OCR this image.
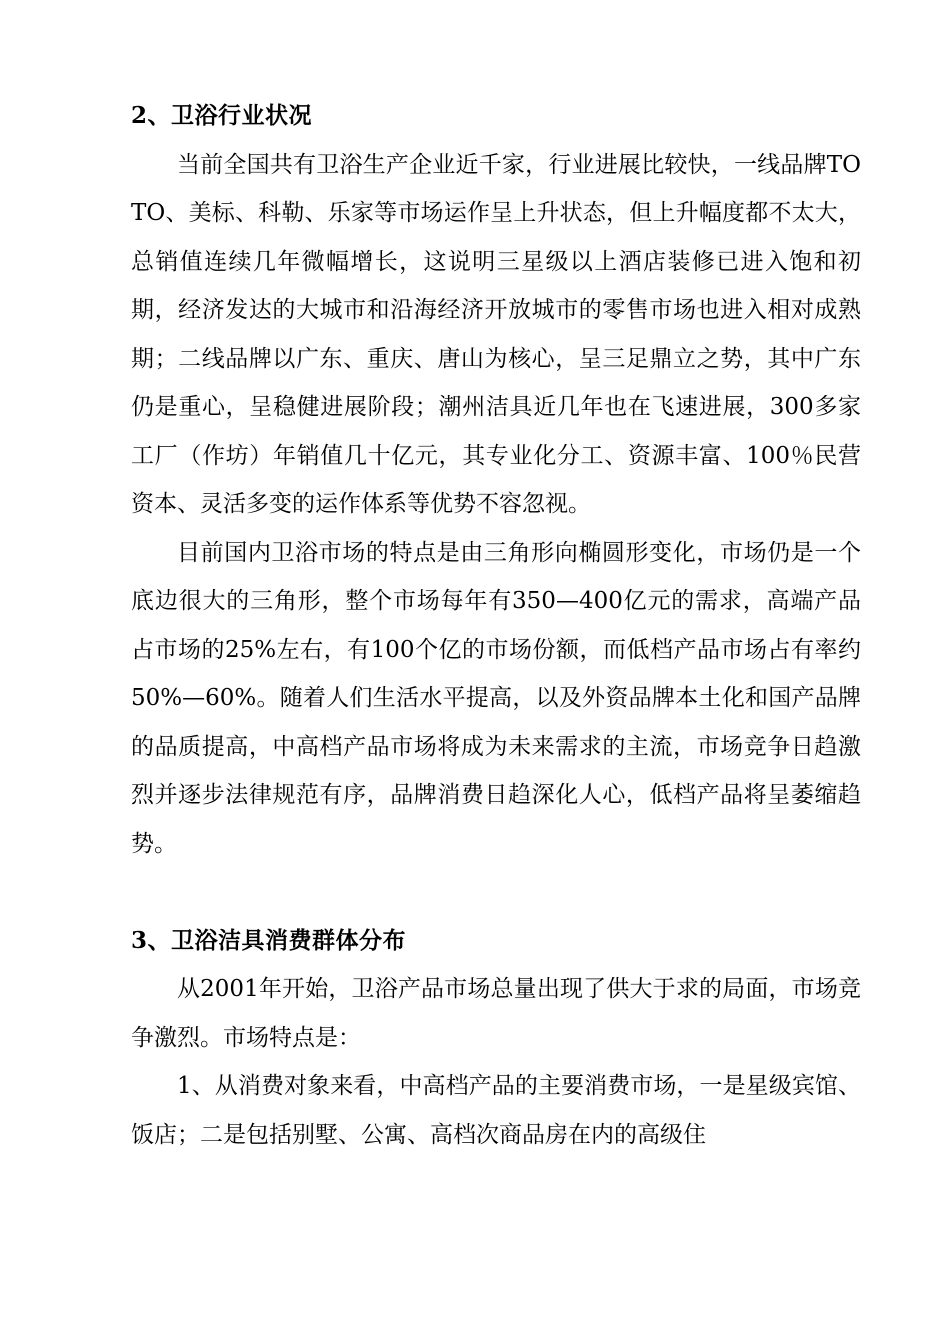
2、卫浴行业状况

当前全国共有卫浴生产企业近千家，行业进展比较快，一线品牌TOTO、美标、科勒、乐家等市场运作呈上升状态，但上升幅度都不太大，总销值连续几年微幅增长，这说明三星级以上酒店装修已进入饱和初期，经济发达的大城市和沿海经济开放城市的零售市场也进入相对成熟期；二线品牌以广东、重庆、唐山为核心，呈三足鼎立之势，其中广东仍是重心，呈稳健进展阶段；潮州洁具近几年也在飞速进展，300多家工厂（作坊）年销值几十亿元，其专业化分工、资源丰富、100％民营资本、灵活多变的运作体系等优势不容忽视。

目前国内卫浴市场的特点是由三角形向椭圆形变化，市场仍是一个底边很大的三角形，整个市场每年有350—400亿元的需求，高端产品占市场的25%左右，有100个亿的市场份额，而低档产品市场占有率约50%—60%。随着人们生活水平提高，以及外资品牌本土化和国产品牌的品质提高，中高档产品市场将成为未来需求的主流，市场竞争日趋激烈并逐步法律规范有序，品牌消费日趋深化人心，低档产品将呈萎缩趋势。

3、卫浴洁具消费群体分布

从2001年开始，卫浴产品市场总量出现了供大于求的局面，市场竞争激烈。市场特点是：

1、从消费对象来看，中高档产品的主要消费市场，一是星级宾馆、饭店；二是包括别墅、公寓、高档次商品房在内的高级住
